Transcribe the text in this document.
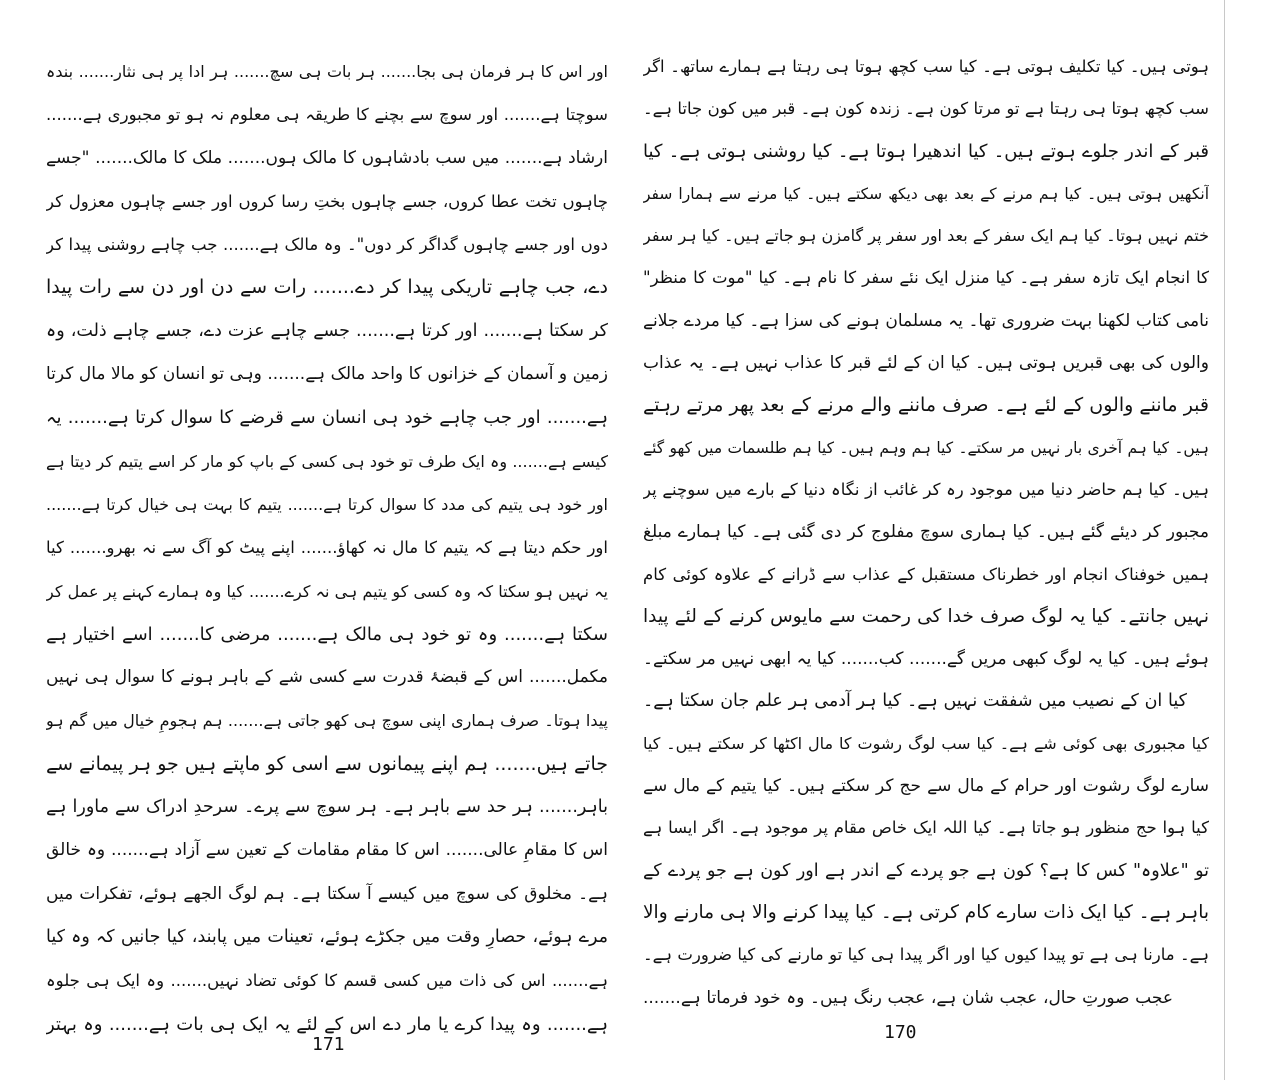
اور اس کا ہر فرمان ہی بجا....... ہر بات ہی سچ....... ہر ادا پر ہی نثار....... بندہ
سوچتا ہے....... اور سوچ سے بچنے کا طریقہ ہی معلوم نہ ہو تو مجبوری ہے.......
ارشاد ہے....... میں سب بادشاہوں کا مالک ہوں....... ملک کا مالک....... "جسے
چاہوں تخت عطا کروں، جسے چاہوں بختِ رسا کروں اور جسے چاہوں معزول کر
دوں اور جسے چاہوں گداگر کر دوں"۔ وہ مالک ہے....... جب چاہے روشنی پیدا کر
دے، جب چاہے تاریکی پیدا کر دے....... رات سے دن اور دن سے رات پیدا
کر سکتا ہے....... اور کرتا ہے....... جسے چاہے عزت دے، جسے چاہے ذلت، وہ
زمین و آسمان کے خزانوں کا واحد مالک ہے....... وہی تو انسان کو مالا مال کرتا
ہے....... اور جب چاہے خود ہی انسان سے قرضے کا سوال کرتا ہے....... یہ
کیسے ہے....... وہ ایک طرف تو خود ہی کسی کے باپ کو مار کر اسے یتیم کر دیتا ہے
اور خود ہی یتیم کی مدد کا سوال کرتا ہے....... یتیم کا بہت ہی خیال کرتا ہے.......
اور حکم دیتا ہے کہ یتیم کا مال نہ کھاؤ....... اپنے پیٹ کو آگ سے نہ بھرو....... کیا
یہ نہیں ہو سکتا کہ وہ کسی کو یتیم ہی نہ کرے....... کیا وہ ہمارے کہنے پر عمل کر
سکتا ہے....... وہ تو خود ہی مالک ہے....... مرضی کا....... اسے اختیار ہے
مکمل....... اس کے قبضۂ قدرت سے کسی شے کے باہر ہونے کا سوال ہی نہیں
پیدا ہوتا۔ صرف ہماری اپنی سوچ ہی کھو جاتی ہے....... ہم ہجومِ خیال میں گم ہو
جاتے ہیں....... ہم اپنے پیمانوں سے اسی کو ماپتے ہیں جو ہر پیمانے سے
باہر....... ہر حد سے باہر ہے۔ ہر سوچ سے پرے۔ سرحدِ ادراک سے ماورا ہے
اس کا مقامِ عالی....... اس کا مقام مقامات کے تعین سے آزاد ہے....... وہ خالق
ہے۔ مخلوق کی سوچ میں کیسے آ سکتا ہے۔ ہم لوگ الجھے ہوئے، تفکرات میں
مرے ہوئے، حصارِ وقت میں جکڑے ہوئے، تعینات میں پابند، کیا جانیں کہ وہ کیا
ہے....... اس کی ذات میں کسی قسم کا کوئی تضاد نہیں....... وہ ایک ہی جلوہ
ہے....... وہ پیدا کرے یا مار دے اس کے لئے یہ ایک ہی بات ہے....... وہ بہتر
ہوتی ہیں۔ کیا تکلیف ہوتی ہے۔ کیا سب کچھ ہوتا ہی رہتا ہے ہمارے ساتھ۔ اگر
سب کچھ ہوتا ہی رہتا ہے تو مرتا کون ہے۔ زندہ کون ہے۔ قبر میں کون جاتا ہے۔
قبر کے اندر جلوے ہوتے ہیں۔ کیا اندھیرا ہوتا ہے۔ کیا روشنی ہوتی ہے۔ کیا
آنکھیں ہوتی ہیں۔ کیا ہم مرنے کے بعد بھی دیکھ سکتے ہیں۔ کیا مرنے سے ہمارا سفر
ختم نہیں ہوتا۔ کیا ہم ایک سفر کے بعد اور سفر پر گامزن ہو جاتے ہیں۔ کیا ہر سفر
کا انجام ایک تازہ سفر ہے۔ کیا منزل ایک نئے سفر کا نام ہے۔ کیا "موت کا منظر"
نامی کتاب لکھنا بہت ضروری تھا۔ یہ مسلمان ہونے کی سزا ہے۔ کیا مردے جلانے
والوں کی بھی قبریں ہوتی ہیں۔ کیا ان کے لئے قبر کا عذاب نہیں ہے۔ یہ عذاب
قبر ماننے والوں کے لئے ہے۔ صرف ماننے والے مرنے کے بعد پھر مرتے رہتے
ہیں۔ کیا ہم آخری بار نہیں مر سکتے۔ کیا ہم وہم ہیں۔ کیا ہم طلسمات میں کھو گئے
ہیں۔ کیا ہم حاضر دنیا میں موجود رہ کر غائب از نگاہ دنیا کے بارے میں سوچنے پر
مجبور کر دیئے گئے ہیں۔ کیا ہماری سوچ مفلوج کر دی گئی ہے۔ کیا ہمارے مبلغ
ہمیں خوفناک انجام اور خطرناک مستقبل کے عذاب سے ڈرانے کے علاوہ کوئی کام
نہیں جانتے۔ کیا یہ لوگ صرف خدا کی رحمت سے مایوس کرنے کے لئے پیدا
ہوئے ہیں۔ کیا یہ لوگ کبھی مریں گے....... کب....... کیا یہ ابھی نہیں مر سکتے۔
کیا ان کے نصیب میں شفقت نہیں ہے۔ کیا ہر آدمی ہر علم جان سکتا ہے۔
کیا مجبوری بھی کوئی شے ہے۔ کیا سب لوگ رشوت کا مال اکٹھا کر سکتے ہیں۔ کیا
سارے لوگ رشوت اور حرام کے مال سے حج کر سکتے ہیں۔ کیا یتیم کے مال سے
کیا ہوا حج منظور ہو جاتا ہے۔ کیا اللہ ایک خاص مقام پر موجود ہے۔ اگر ایسا ہے
تو "علاوہ" کس کا ہے؟ کون ہے جو پردے کے اندر ہے اور کون ہے جو پردے کے
باہر ہے۔ کیا ایک ذات سارے کام کرتی ہے۔ کیا پیدا کرنے والا ہی مارنے والا
ہے۔ مارنا ہی ہے تو پیدا کیوں کیا اور اگر پیدا ہی کیا تو مارنے کی کیا ضرورت ہے۔
عجب صورتِ حال، عجب شان ہے، عجب رنگ ہیں۔ وہ خود فرماتا ہے.......
171
170
